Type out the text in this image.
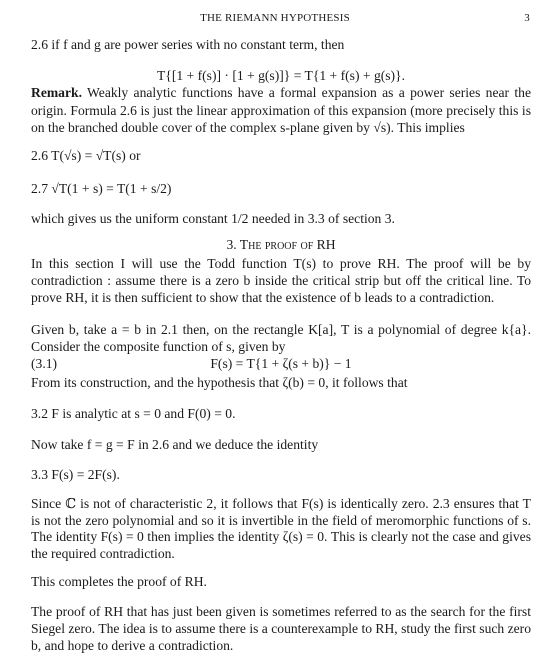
THE RIEMANN HYPOTHESIS	3
2.6 if f and g are power series with no constant term, then
T{[1 + f(s)] · [1 + g(s)]} = T{1 + f(s) + g(s)}.
Remark. Weakly analytic functions have a formal expansion as a power series near the origin. Formula 2.6 is just the linear approximation of this expansion (more precisely this is on the branched double cover of the complex s-plane given by √s). This implies
2.6 T(√s) = √T(s) or
2.7 √T(1 + s) = T(1 + s/2)
which gives us the uniform constant 1/2 needed in 3.3 of section 3.
3. The proof of RH
In this section I will use the Todd function T(s) to prove RH. The proof will be by contradiction : assume there is a zero b inside the critical strip but off the critical line. To prove RH, it is then sufficient to show that the existence of b leads to a contradiction.
Given b, take a = b in 2.1 then, on the rectangle K[a], T is a polynomial of degree k{a}. Consider the composite function of s, given by
F(s) = T{1 + ζ(s + b)} − 1
(3.1)
From its construction, and the hypothesis that ζ(b) = 0, it follows that
3.2 F is analytic at s = 0 and F(0) = 0.
Now take f = g = F in 2.6 and we deduce the identity
3.3 F(s) = 2F(s).
Since ℂ is not of characteristic 2, it follows that F(s) is identically zero. 2.3 ensures that T is not the zero polynomial and so it is invertible in the field of meromorphic functions of s. The identity F(s) = 0 then implies the identity ζ(s) = 0. This is clearly not the case and gives the required contradiction.
This completes the proof of RH.
The proof of RH that has just been given is sometimes referred to as the search for the first Siegel zero. The idea is to assume there is a counterexample to RH, study the first such zero b, and hope to derive a contradiction.
